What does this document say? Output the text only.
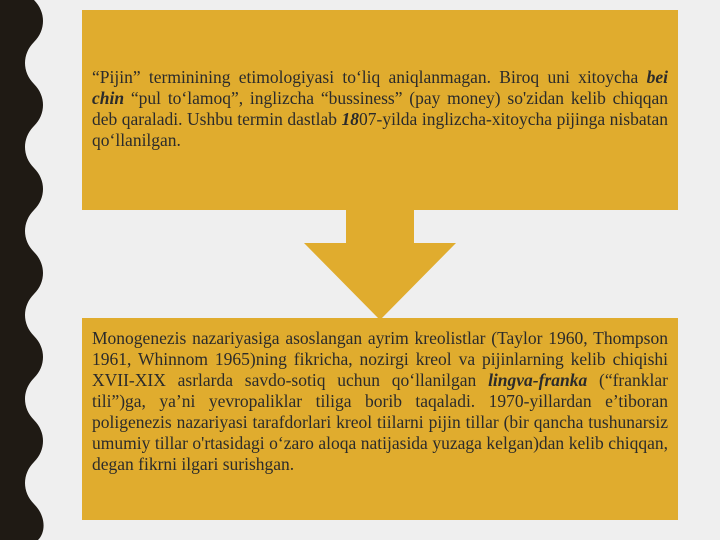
“Pijin” terminining etimologiyasi to‘liq aniqlanmagan. Biroq uni xitoycha bei chin “pul to‘lamoq”, inglizcha “bussiness” (pay money) so'zidan kelib chiqqan deb qaraladi. Ushbu termin dastlab 1807-yilda inglizcha-xitoycha pijinga nisbatan qo‘llanilgan.

Monogenezis nazariyasiga asoslangan ayrim kreolistlar (Taylor 1960, Thompson 1961, Whinnom 1965)ning fikricha, nozirgi kreol va pijinlarning kelib chiqishi XVII-XIX asrlarda savdo-sotiq uchun qo‘llanilgan lingva-franka (“franklar tili”)ga, ya’ni yevropaliklar tiliga borib taqaladi. 1970-yillardan e’tiboran poligenezis nazariyasi tarafdorlari kreol tiilarni pijin tillar (bir qancha tushunarsiz umumiy tillar o'rtasidagi o‘zaro aloqa natijasida yuzaga kelgan)dan kelib chiqqan, degan fikrni ilgari surishgan.
